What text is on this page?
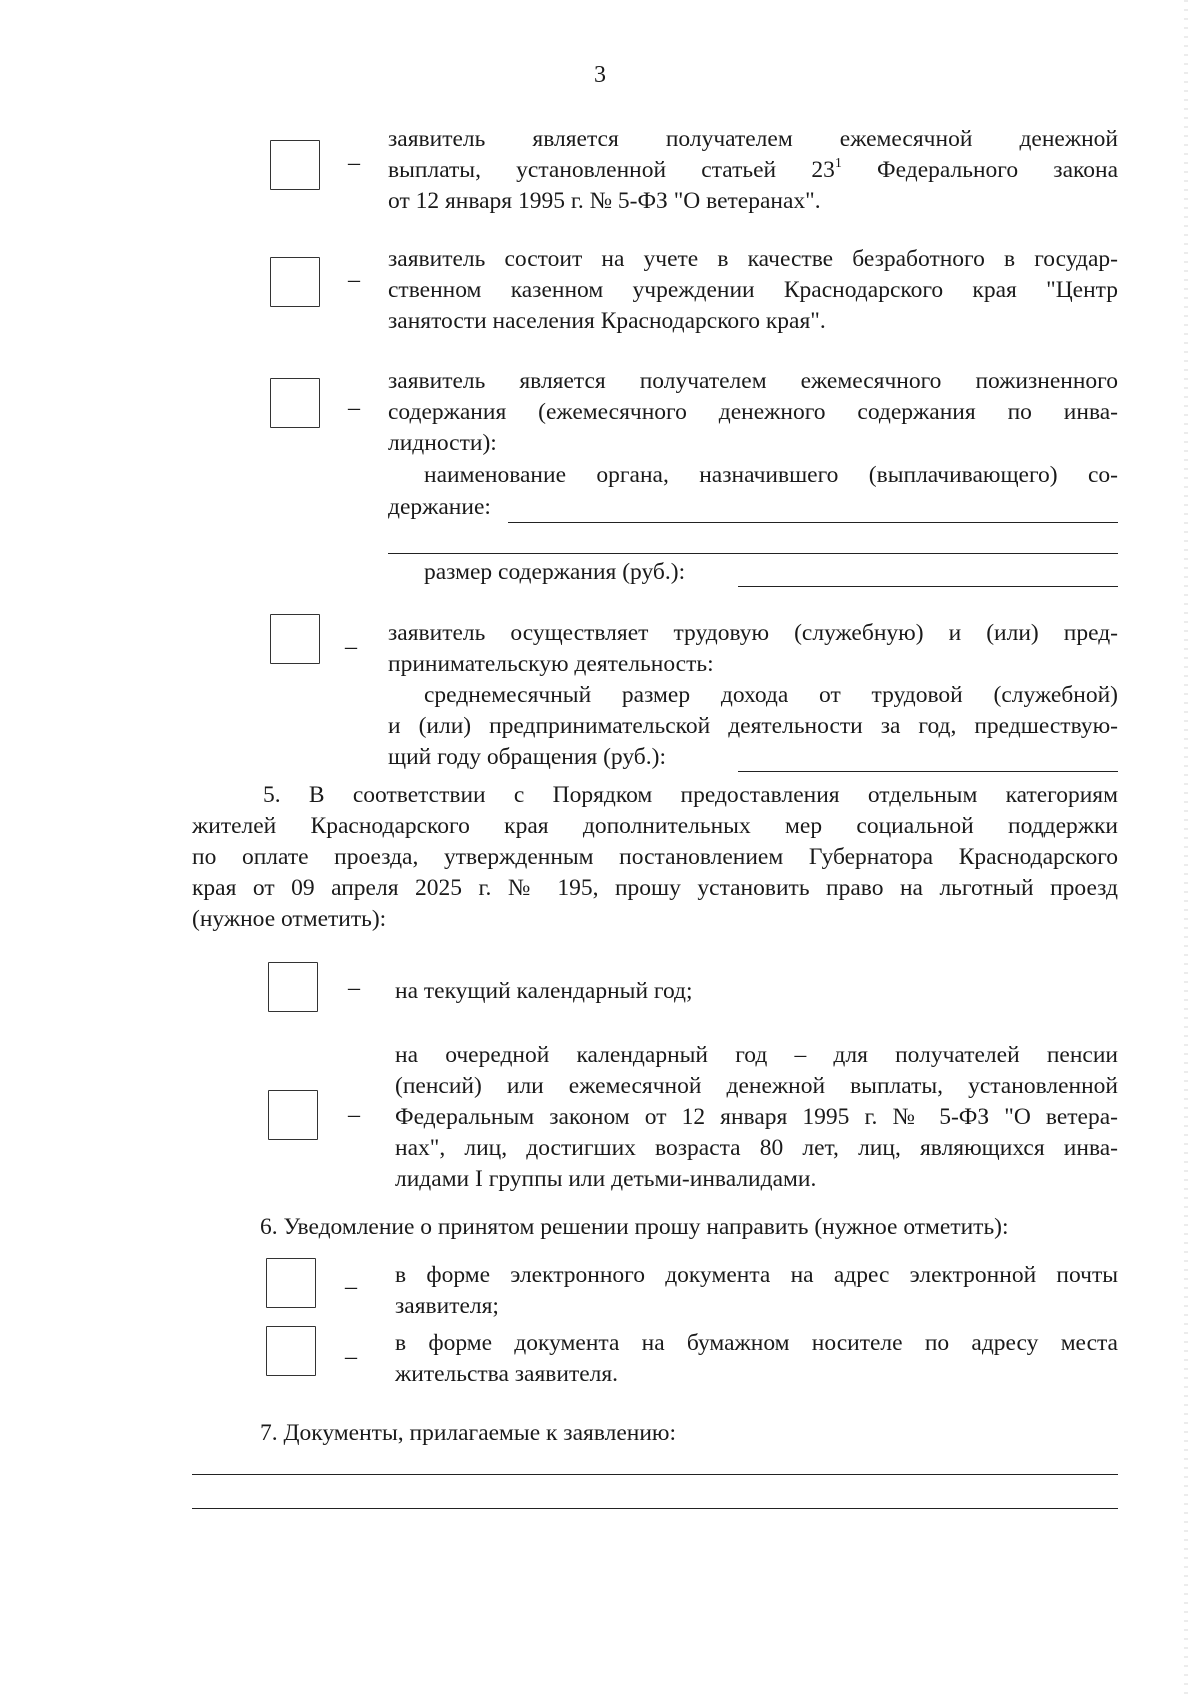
3
–
заявитель является получателем ежемесячной денежной
выплаты, установленной статьей $23^1$ Федерального закона
от 12 января 1995 г. № 5-ФЗ "О ветеранах".
–
заявитель состоит на учете в качестве безработного в государ-
ственном казенном учреждении Краснодарского края "Центр
занятости населения Краснодарского края".
–
заявитель является получателем ежемесячного пожизненного
содержания (ежемесячного денежного содержания по инва-
лидности):
наименование органа, назначившего (выплачивающего) со-
держание:
размер содержания (руб.):
_ заявитель осуществляет трудовую (служебную) и (или) пред-
принимательскую деятельность:
среднемесячный размер дохода от трудовой (служебной)
и (или) предпринимательской деятельности за год, предшествую-
щий году обращения (руб.):
5. В соответствии с Порядком предоставления отдельным категориям
жителей Краснодарского края дополнительных мер социальной поддержки
по оплате проезда, утвержденным постановлением Губернатора Краснодарского
края от 09 апреля 2025 г. № 195, прошу установить право на льготный проезд
(нужное отметить):
– на текущий календарный год;
–
на очередной календарный год – для получателей пенсии
(пенсий) или ежемесячной денежной выплаты, установленной
Федеральным законом от 12 января 1995 г. № 5-ФЗ "О ветера-
нах", лиц, достигших возраста 80 лет, лиц, являющихся инва-
лидами I группы или детьми-инвалидами.
6. Уведомление о принятом решении прошу направить (нужное отметить):
_ в форме электронного документа на адрес электронной почты
заявителя;
_ в форме документа на бумажном носителе по адресу места
жительства заявителя.
7. Документы, прилагаемые к заявлению:
